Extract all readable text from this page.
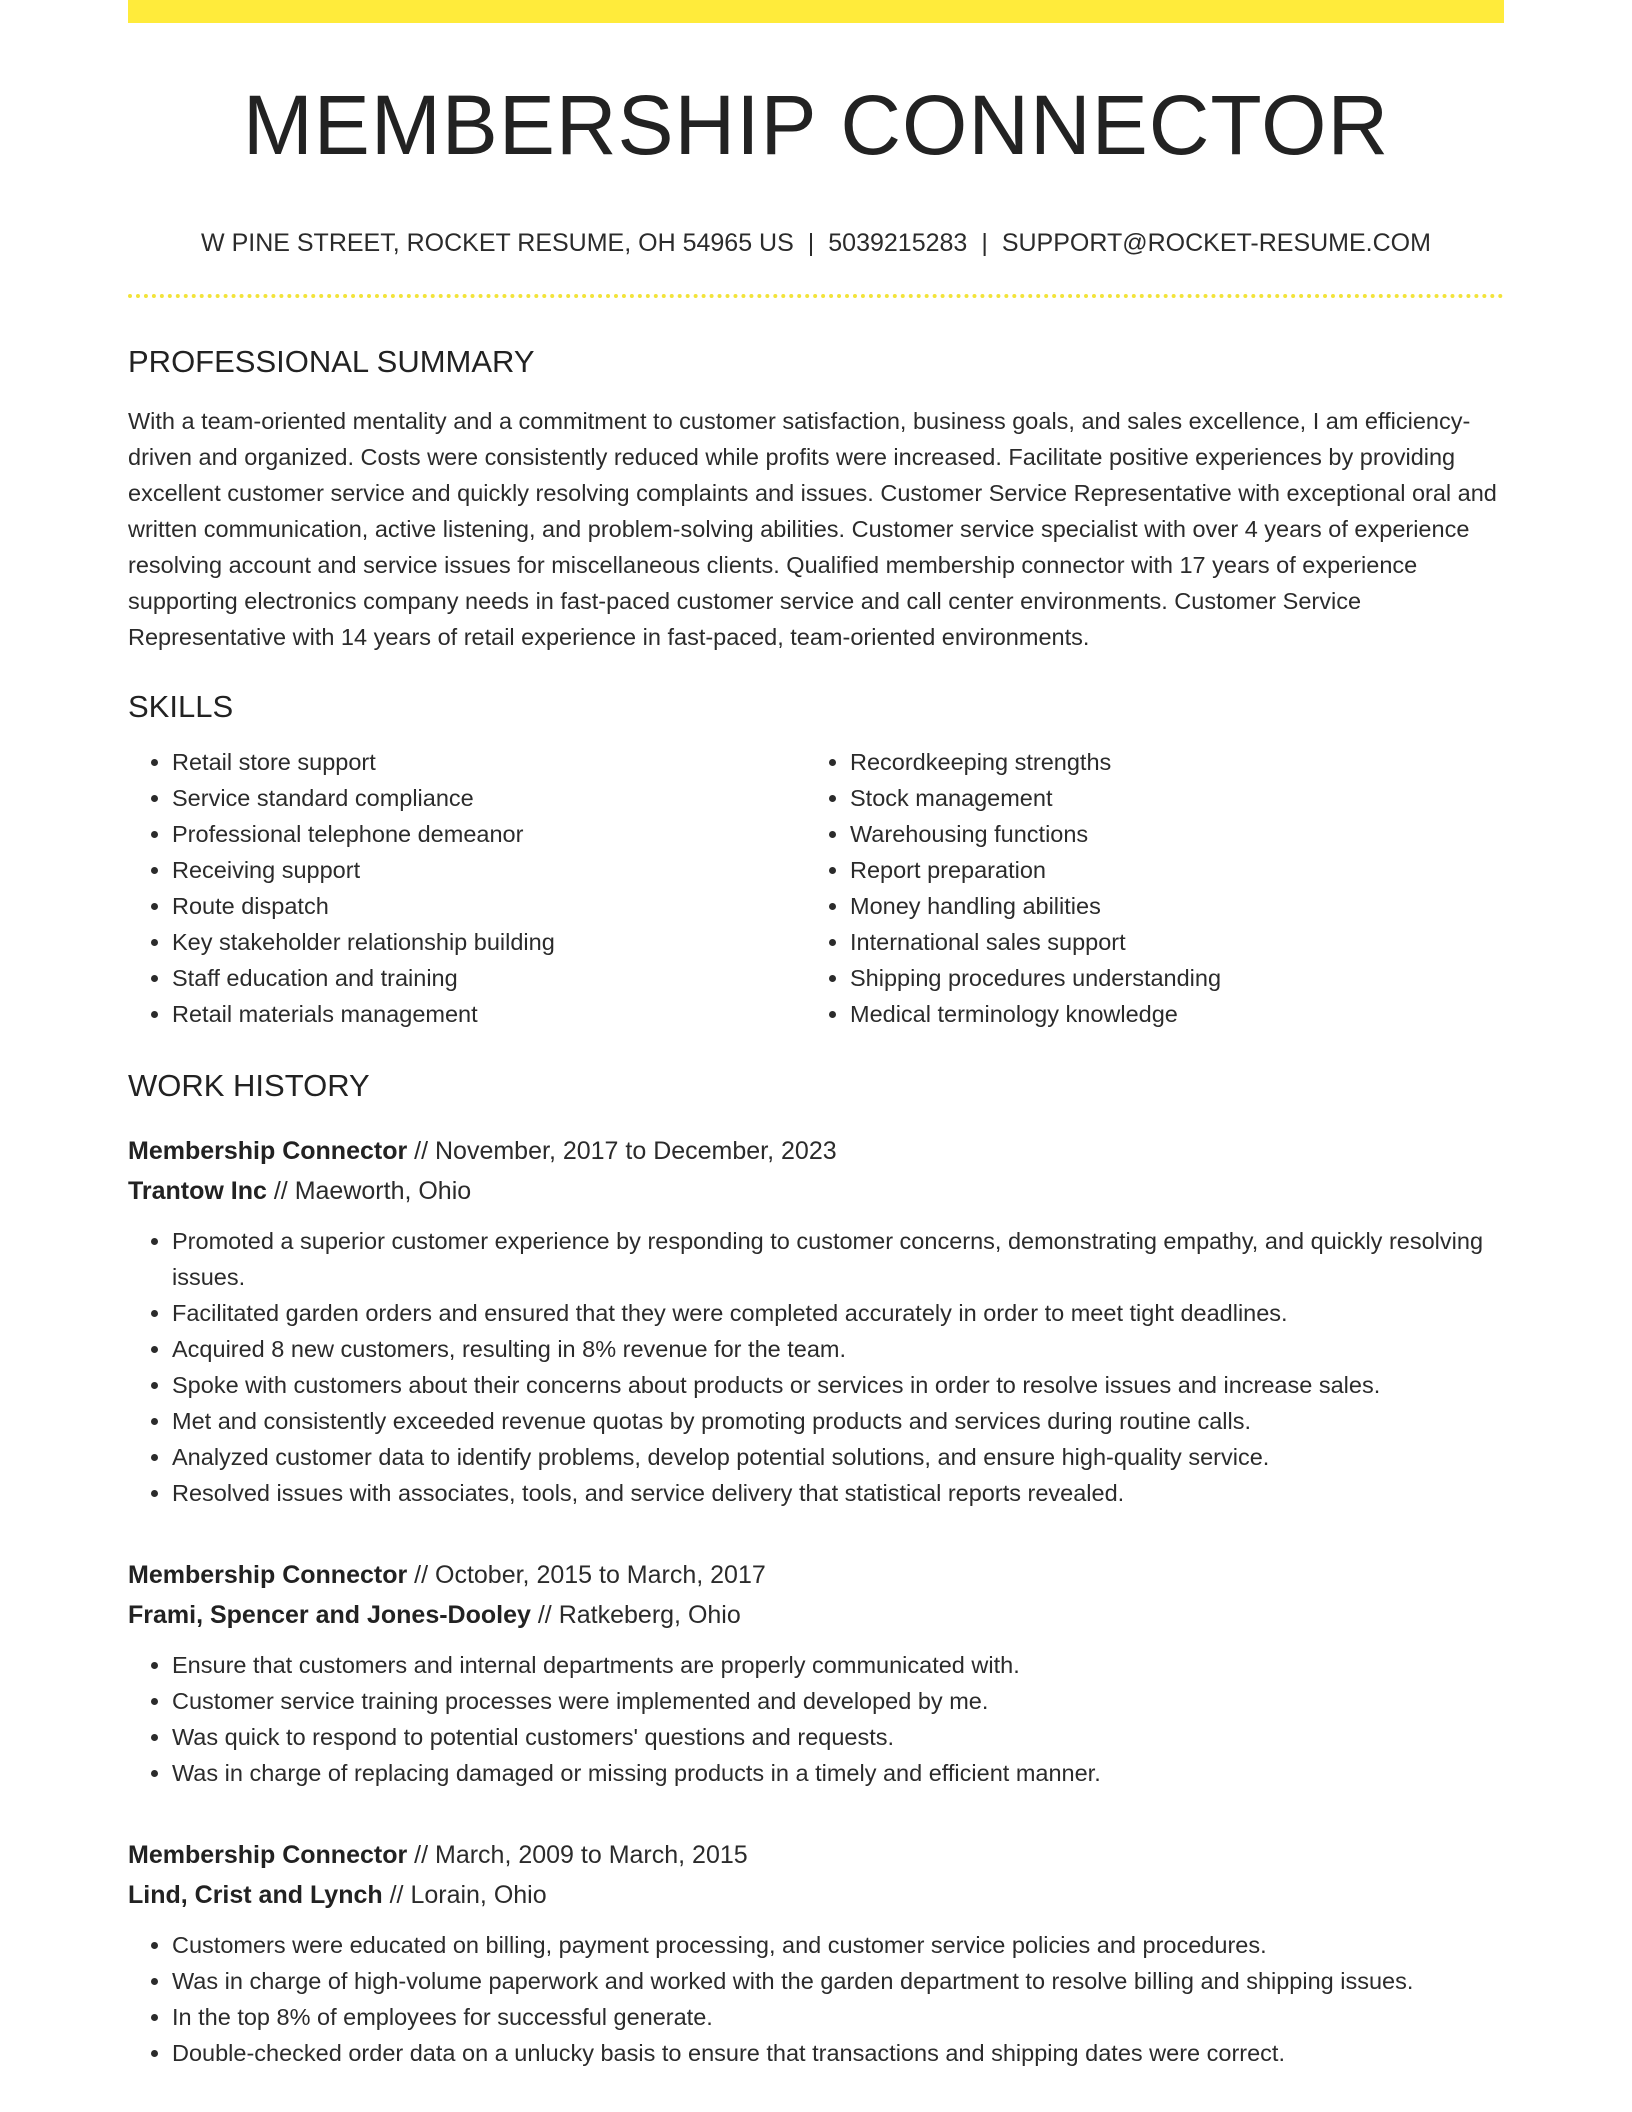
MEMBERSHIP CONNECTOR
W PINE STREET, ROCKET RESUME, OH 54965 US | 5039215283 | SUPPORT@ROCKET-RESUME.COM
PROFESSIONAL SUMMARY
With a team-oriented mentality and a commitment to customer satisfaction, business goals, and sales excellence, I am efficiency-driven and organized. Costs were consistently reduced while profits were increased. Facilitate positive experiences by providing excellent customer service and quickly resolving complaints and issues. Customer Service Representative with exceptional oral and written communication, active listening, and problem-solving abilities. Customer service specialist with over 4 years of experience resolving account and service issues for miscellaneous clients. Qualified membership connector with 17 years of experience supporting electronics company needs in fast-paced customer service and call center environments. Customer Service Representative with 14 years of retail experience in fast-paced, team-oriented environments.
SKILLS
• Retail store support
• Service standard compliance
• Professional telephone demeanor
• Receiving support
• Route dispatch
• Key stakeholder relationship building
• Staff education and training
• Retail materials management
• Recordkeeping strengths
• Stock management
• Warehousing functions
• Report preparation
• Money handling abilities
• International sales support
• Shipping procedures understanding
• Medical terminology knowledge
WORK HISTORY
Membership Connector // November, 2017 to December, 2023
Trantow Inc // Maeworth, Ohio
• Promoted a superior customer experience by responding to customer concerns, demonstrating empathy, and quickly resolving issues.
• Facilitated garden orders and ensured that they were completed accurately in order to meet tight deadlines.
• Acquired 8 new customers, resulting in 8% revenue for the team.
• Spoke with customers about their concerns about products or services in order to resolve issues and increase sales.
• Met and consistently exceeded revenue quotas by promoting products and services during routine calls.
• Analyzed customer data to identify problems, develop potential solutions, and ensure high-quality service.
• Resolved issues with associates, tools, and service delivery that statistical reports revealed.
Membership Connector // October, 2015 to March, 2017
Frami, Spencer and Jones-Dooley // Ratkeberg, Ohio
• Ensure that customers and internal departments are properly communicated with.
• Customer service training processes were implemented and developed by me.
• Was quick to respond to potential customers' questions and requests.
• Was in charge of replacing damaged or missing products in a timely and efficient manner.
Membership Connector // March, 2009 to March, 2015
Lind, Crist and Lynch // Lorain, Ohio
• Customers were educated on billing, payment processing, and customer service policies and procedures.
• Was in charge of high-volume paperwork and worked with the garden department to resolve billing and shipping issues.
• In the top 8% of employees for successful generate.
• Double-checked order data on a unlucky basis to ensure that transactions and shipping dates were correct.
